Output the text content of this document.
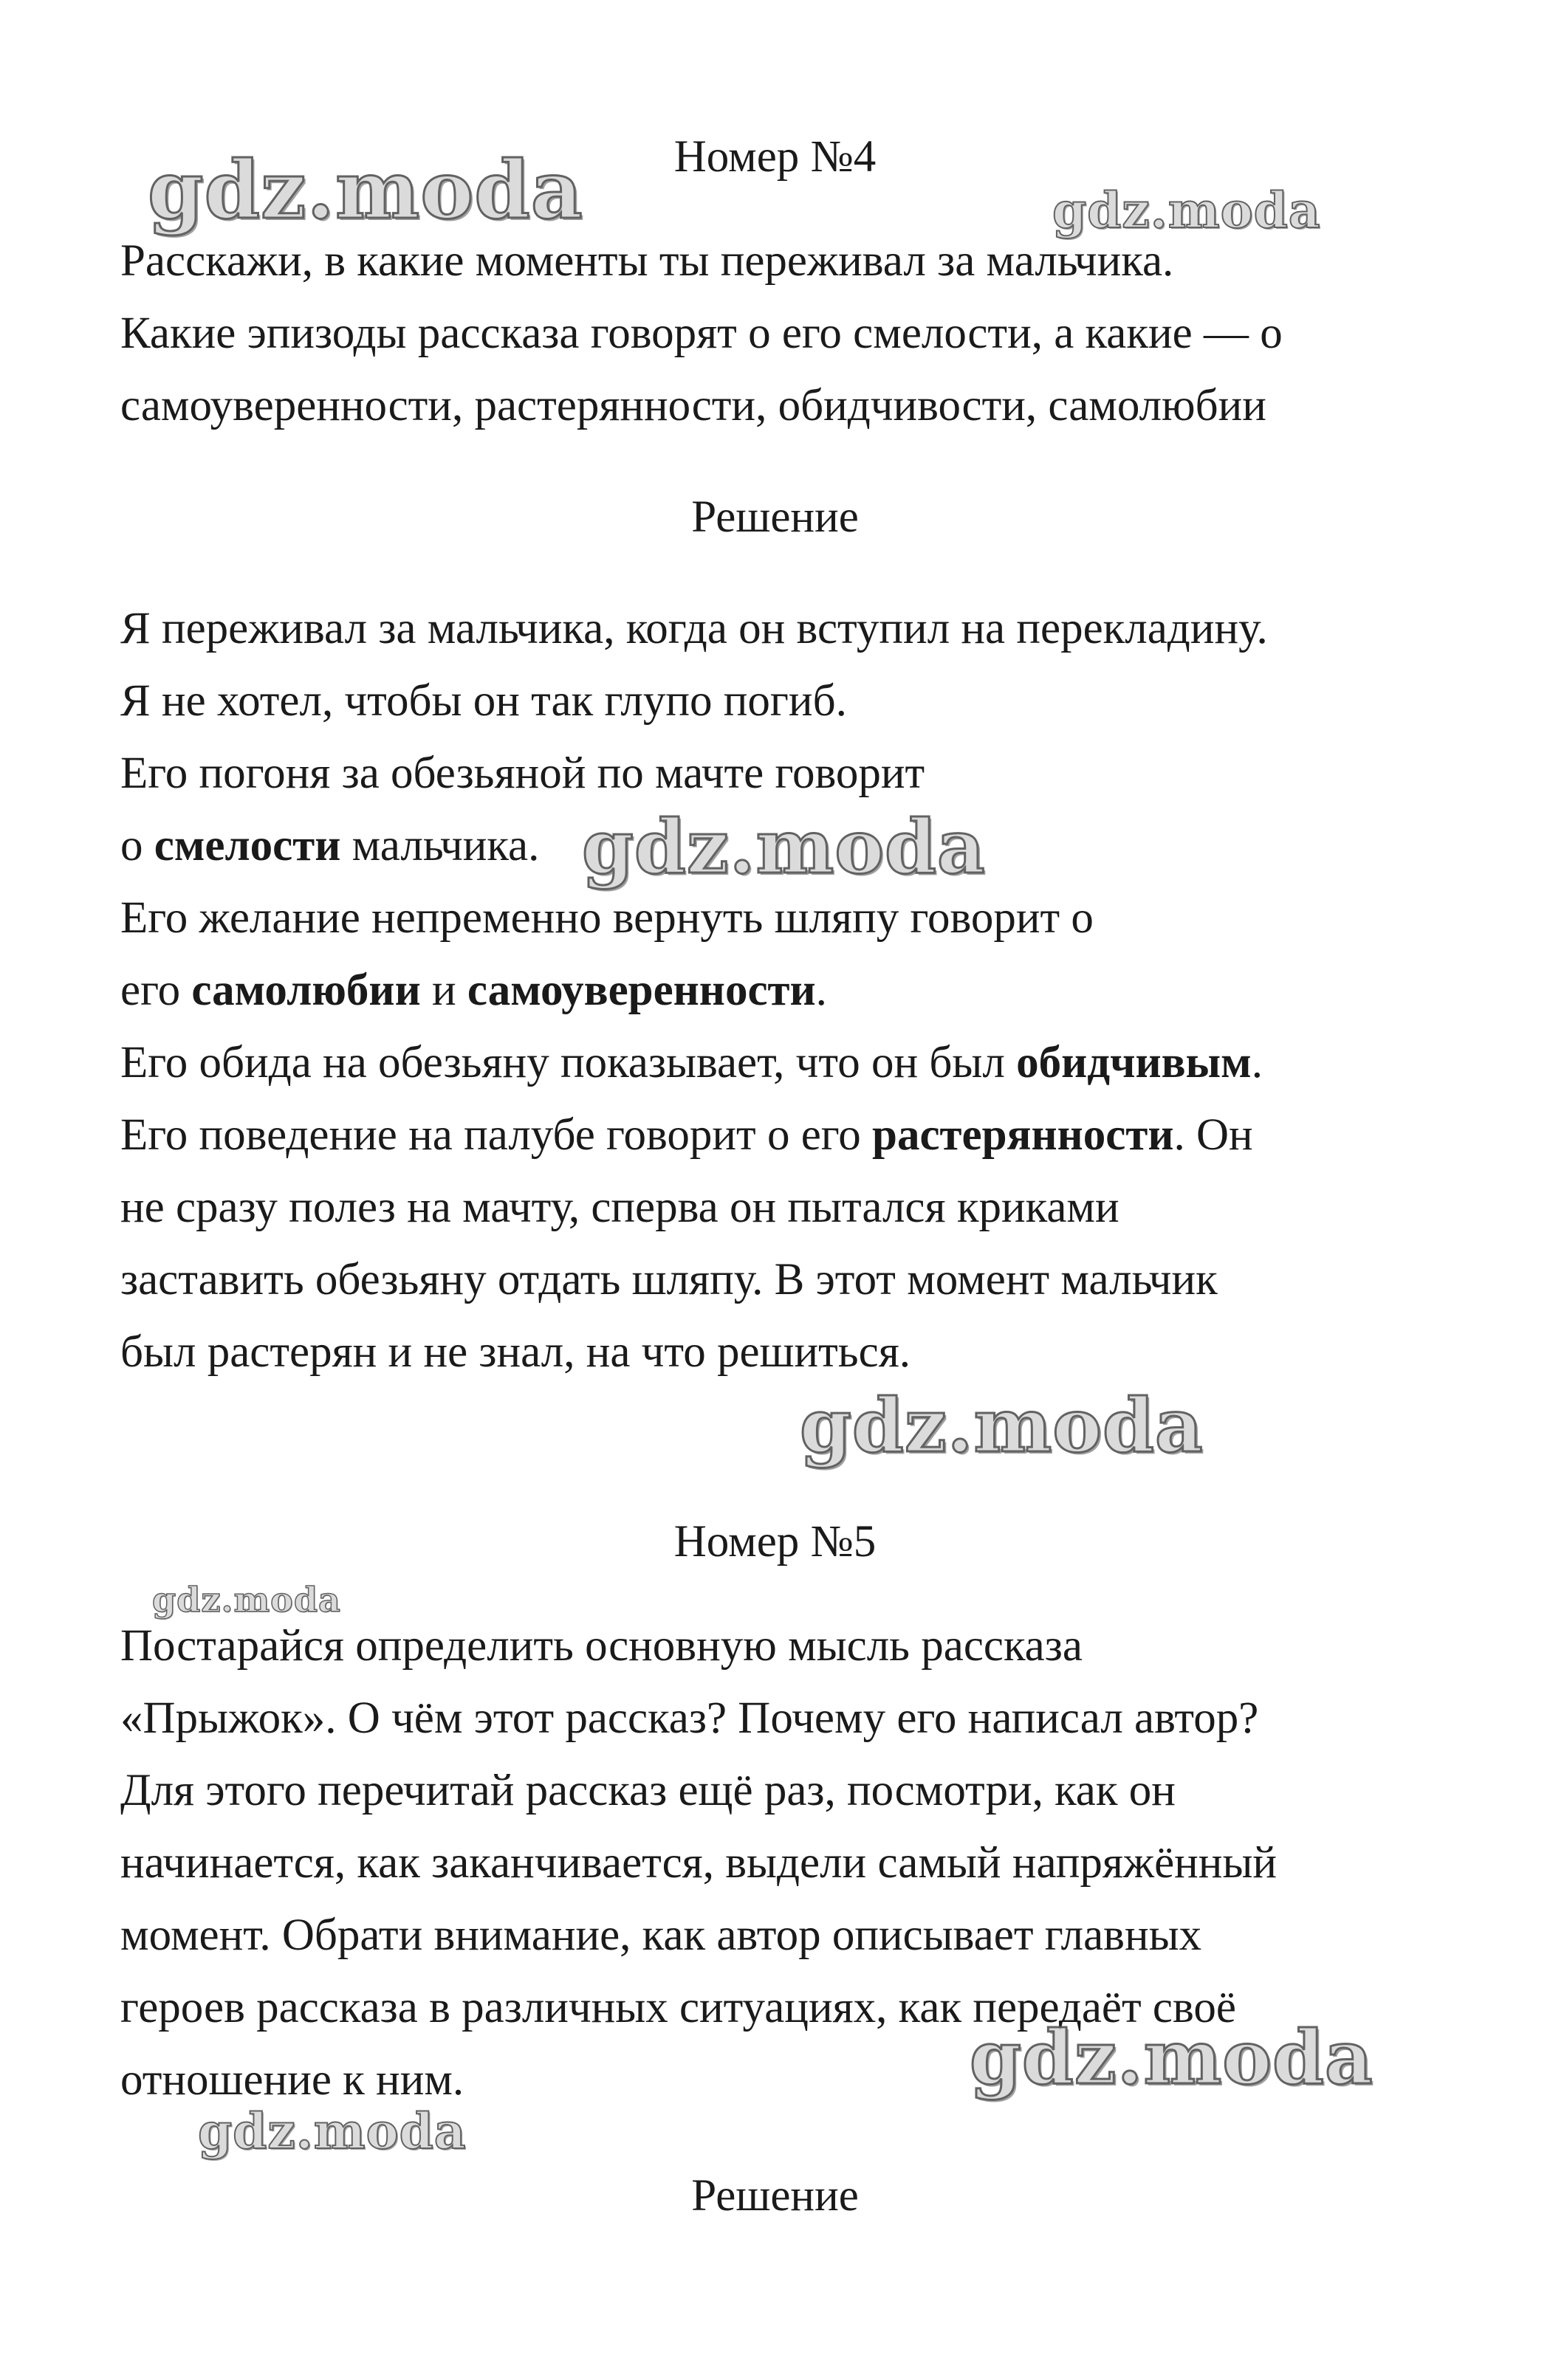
Номер №4
Расскажи, в какие моменты ты переживал за мальчика.
Какие эпизоды рассказа говорят о его смелости, а какие — о
самоуверенности, растерянности, обидчивости, самолюбии
Решение
Я переживал за мальчика, когда он вступил на перекладину.
Я не хотел, чтобы он так глупо погиб.
Его погоня за обезьяной по мачте говорит
о смелости мальчика.
Его желание непременно вернуть шляпу говорит о
его самолюбии и самоуверенности.
Его обида на обезьяну показывает, что он был обидчивым.
Его поведение на палубе говорит о его растерянности. Он
не сразу полез на мачту, сперва он пытался криками
заставить обезьяну отдать шляпу. В этот момент мальчик
был растерян и не знал, на что решиться.
Номер №5
Постарайся определить основную мысль рассказа
«Прыжок». О чём этот рассказ? Почему его написал автор?
Для этого перечитай рассказ ещё раз, посмотри, как он
начинается, как заканчивается, выдели самый напряжённый
момент. Обрати внимание, как автор описывает главных
героев рассказа в различных ситуациях, как передаёт своё
отношение к ним.
Решение
gdz.moda	gdz.moda
gdz.moda
gdz.moda
gdz.moda
gdz.moda
gdz.moda
